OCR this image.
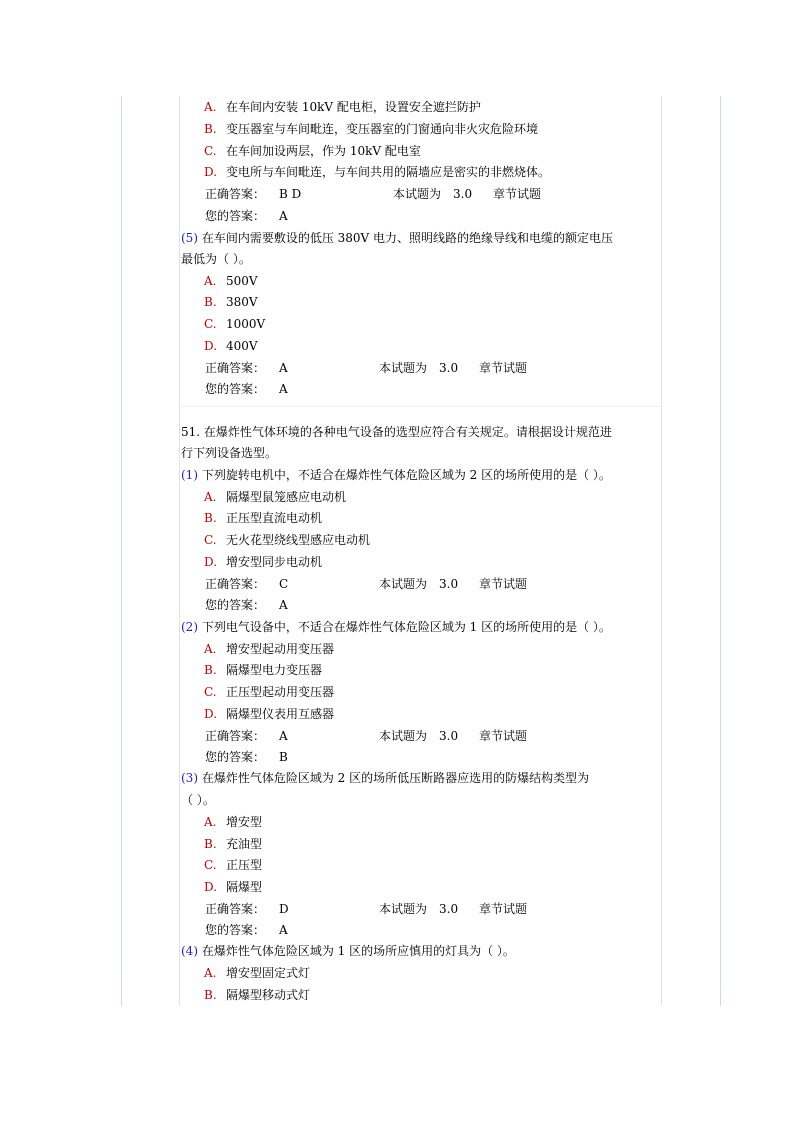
A. 在车间内安装 10kV 配电柜，设置安全遮拦防护
B. 变压器室与车间毗连，变压器室的门窗通向非火灾危险环境
C. 在车间加设两层，作为 10kV 配电室
D. 变电所与车间毗连，与车间共用的隔墙应是密实的非燃烧体。
正确答案： B D	本试题为　3.0 章节试题
您的答案： A
(5) 在车间内需要敷设的低压 380V 电力、照明线路的绝缘导线和电缆的额定电压
最低为（ ）。
A. 500V
B. 380V
C. 1000V
D. 400V
正确答案： A	本试题为　3.0 章节试题
您的答案： A
51. 在爆炸性气体环境的各种电气设备的选型应符合有关规定。请根据设计规范进
行下列设备选型。
(1) 下列旋转电机中，不适合在爆炸性气体危险区域为 2 区的场所使用的是（ ）。
A. 隔爆型鼠笼感应电动机
B. 正压型直流电动机
C. 无火花型绕线型感应电动机
D. 增安型同步电动机
正确答案： C	本试题为　3.0 章节试题
您的答案： A
(2) 下列电气设备中，不适合在爆炸性气体危险区域为 1 区的场所使用的是（ ）。
A. 增安型起动用变压器
B. 隔爆型电力变压器
C. 正压型起动用变压器
D. 隔爆型仪表用互感器
正确答案： A	本试题为　3.0 章节试题
您的答案： B
(3) 在爆炸性气体危险区域为 2 区的场所低压断路器应选用的防爆结构类型为
（ ）。
A. 增安型
B. 充油型
C. 正压型
D. 隔爆型
正确答案： D	本试题为　3.0 章节试题
您的答案： A
(4) 在爆炸性气体危险区域为 1 区的场所应慎用的灯具为（ ）。
A. 增安型固定式灯
B. 隔爆型移动式灯
